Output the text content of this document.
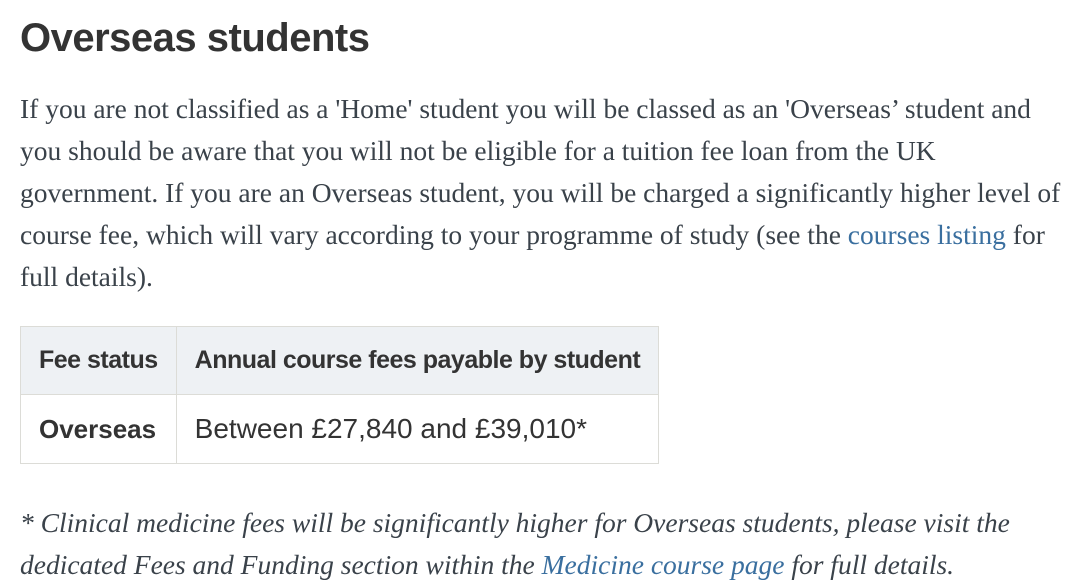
Overseas students

If you are not classified as a 'Home' student you will be classed as an 'Overseas’ student and you should be aware that you will not be eligible for a tuition fee loan from the UK government. If you are an Overseas student, you will be charged a significantly higher level of course fee, which will vary according to your programme of study (see the courses listing for full details).

Fee status	Annual course fees payable by student
Overseas	Between £27,840 and £39,010*

* Clinical medicine fees will be significantly higher for Overseas students, please visit the dedicated Fees and Funding section within the Medicine course page for full details.
